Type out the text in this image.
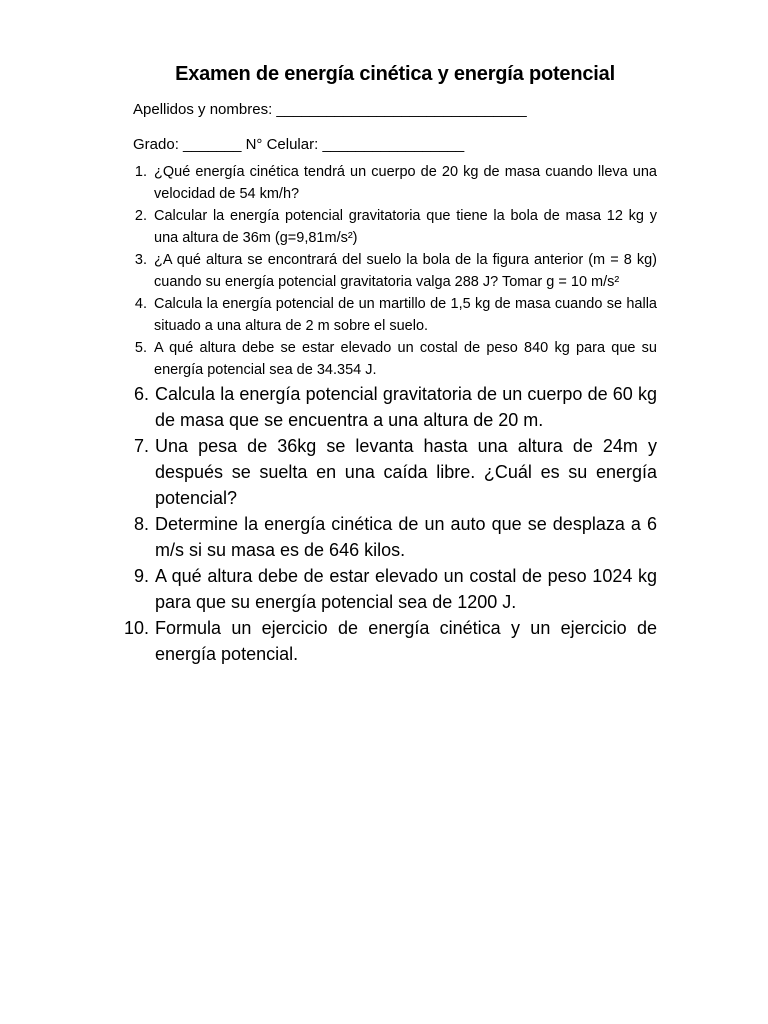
Examen de energía cinética y energía potencial
Apellidos y nombres: ______________________________
Grado: _______ N° Celular: _________________
1. ¿Qué energía cinética tendrá un cuerpo de 20 kg de masa cuando lleva una velocidad de 54 km/h?
2. Calcular la energía potencial gravitatoria que tiene la bola de masa 12 kg y una altura de 36m (g=9,81m/s²)
3. ¿A qué altura se encontrará del suelo la bola de la figura anterior (m = 8 kg) cuando su energía potencial gravitatoria valga 288 J? Tomar g = 10 m/s²
4. Calcula la energía potencial de un martillo de 1,5 kg de masa cuando se halla situado a una altura de 2 m sobre el suelo.
5. A qué altura debe se estar elevado un costal de peso 840 kg para que su energía potencial sea de 34.354 J.
6. Calcula la energía potencial gravitatoria de un cuerpo de 60 kg de masa que se encuentra a una altura de 20 m.
7. Una pesa de 36kg se levanta hasta una altura de 24m y después se suelta en una caída libre. ¿Cuál es su energía potencial?
8. Determine la energía cinética de un auto que se desplaza a 6 m/s si su masa es de 646 kilos.
9. A qué altura debe de estar elevado un costal de peso 1024 kg para que su energía potencial sea de 1200 J.
10. Formula un ejercicio de energía cinética y un ejercicio de energía potencial.
